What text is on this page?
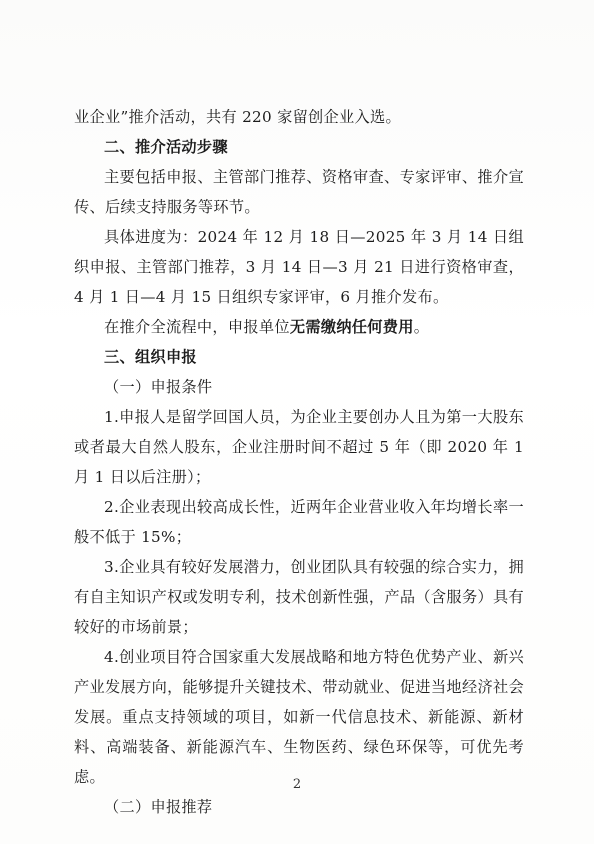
业企业”推介活动，共有 220 家留创企业入选。

二、推介活动步骤

主要包括申报、主管部门推荐、资格审查、专家评审、推介宣传、后续支持服务等环节。

具体进度为：2024 年 12 月 18 日—2025 年 3 月 14 日组织申报、主管部门推荐，3 月 14 日—3 月 21 日进行资格审查，4 月 1 日—4 月 15 日组织专家评审，6 月推介发布。

在推介全流程中，申报单位无需缴纳任何费用。

三、组织申报

（一）申报条件

1.申报人是留学回国人员，为企业主要创办人且为第一大股东或者最大自然人股东，企业注册时间不超过 5 年（即 2020 年 1 月 1 日以后注册）；

2.企业表现出较高成长性，近两年企业营业收入年均增长率一般不低于 15%；

3.企业具有较好发展潜力，创业团队具有较强的综合实力，拥有自主知识产权或发明专利，技术创新性强，产品（含服务）具有较好的市场前景；

4.创业项目符合国家重大发展战略和地方特色优势产业、新兴产业发展方向，能够提升关键技术、带动就业、促进当地经济社会发展。重点支持领域的项目，如新一代信息技术、新能源、新材料、高端装备、新能源汽车、生物医药、绿色环保等，可优先考虑。

（二）申报推荐

2
